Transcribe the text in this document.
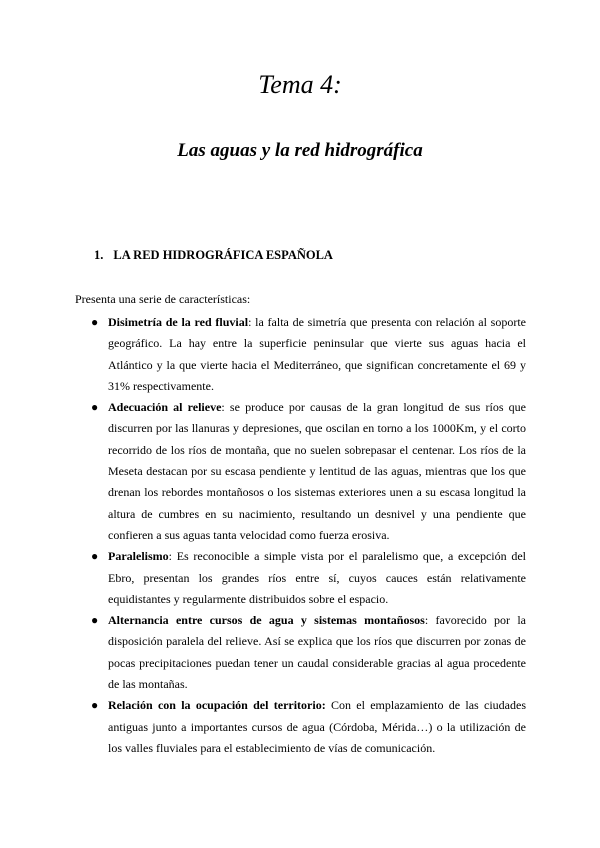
Tema 4:
Las aguas y la red hidrográfica
1. LA RED HIDROGRÁFICA ESPAÑOLA

Presenta una serie de características:

● Disimetría de la red fluvial: la falta de simetría que presenta con relación al soporte geográfico. La hay entre la superficie peninsular que vierte sus aguas hacia el Atlántico y la que vierte hacia el Mediterráneo, que significan concretamente el 69 y 31% respectivamente.
● Adecuación al relieve: se produce por causas de la gran longitud de sus ríos que discurren por las llanuras y depresiones, que oscilan en torno a los 1000Km, y el corto recorrido de los ríos de montaña, que no suelen sobrepasar el centenar. Los ríos de la Meseta destacan por su escasa pendiente y lentitud de las aguas, mientras que los que drenan los rebordes montañosos o los sistemas exteriores unen a su escasa longitud la altura de cumbres en su nacimiento, resultando un desnivel y una pendiente que confieren a sus aguas tanta velocidad como fuerza erosiva.
● Paralelismo: Es reconocible a simple vista por el paralelismo que, a excepción del Ebro, presentan los grandes ríos entre sí, cuyos cauces están relativamente equidistantes y regularmente distribuidos sobre el espacio.
● Alternancia entre cursos de agua y sistemas montañosos: favorecido por la disposición paralela del relieve. Así se explica que los ríos que discurren por zonas de pocas precipitaciones puedan tener un caudal considerable gracias al agua procedente de las montañas.
● Relación con la ocupación del territorio: Con el emplazamiento de las ciudades antiguas junto a importantes cursos de agua (Córdoba, Mérida…) o la utilización de los valles fluviales para el establecimiento de vías de comunicación.
